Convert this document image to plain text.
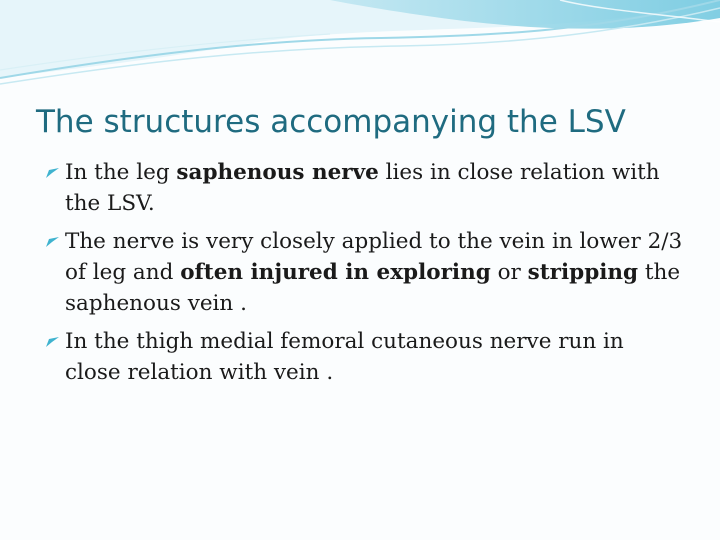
The structures accompanying the LSV
In the leg saphenous nerve lies in close relation with the LSV.
The nerve is very closely applied to the vein in lower 2/3 of leg and often injured in exploring or stripping the saphenous vein .
In the thigh medial femoral cutaneous nerve run in close relation with vein .
